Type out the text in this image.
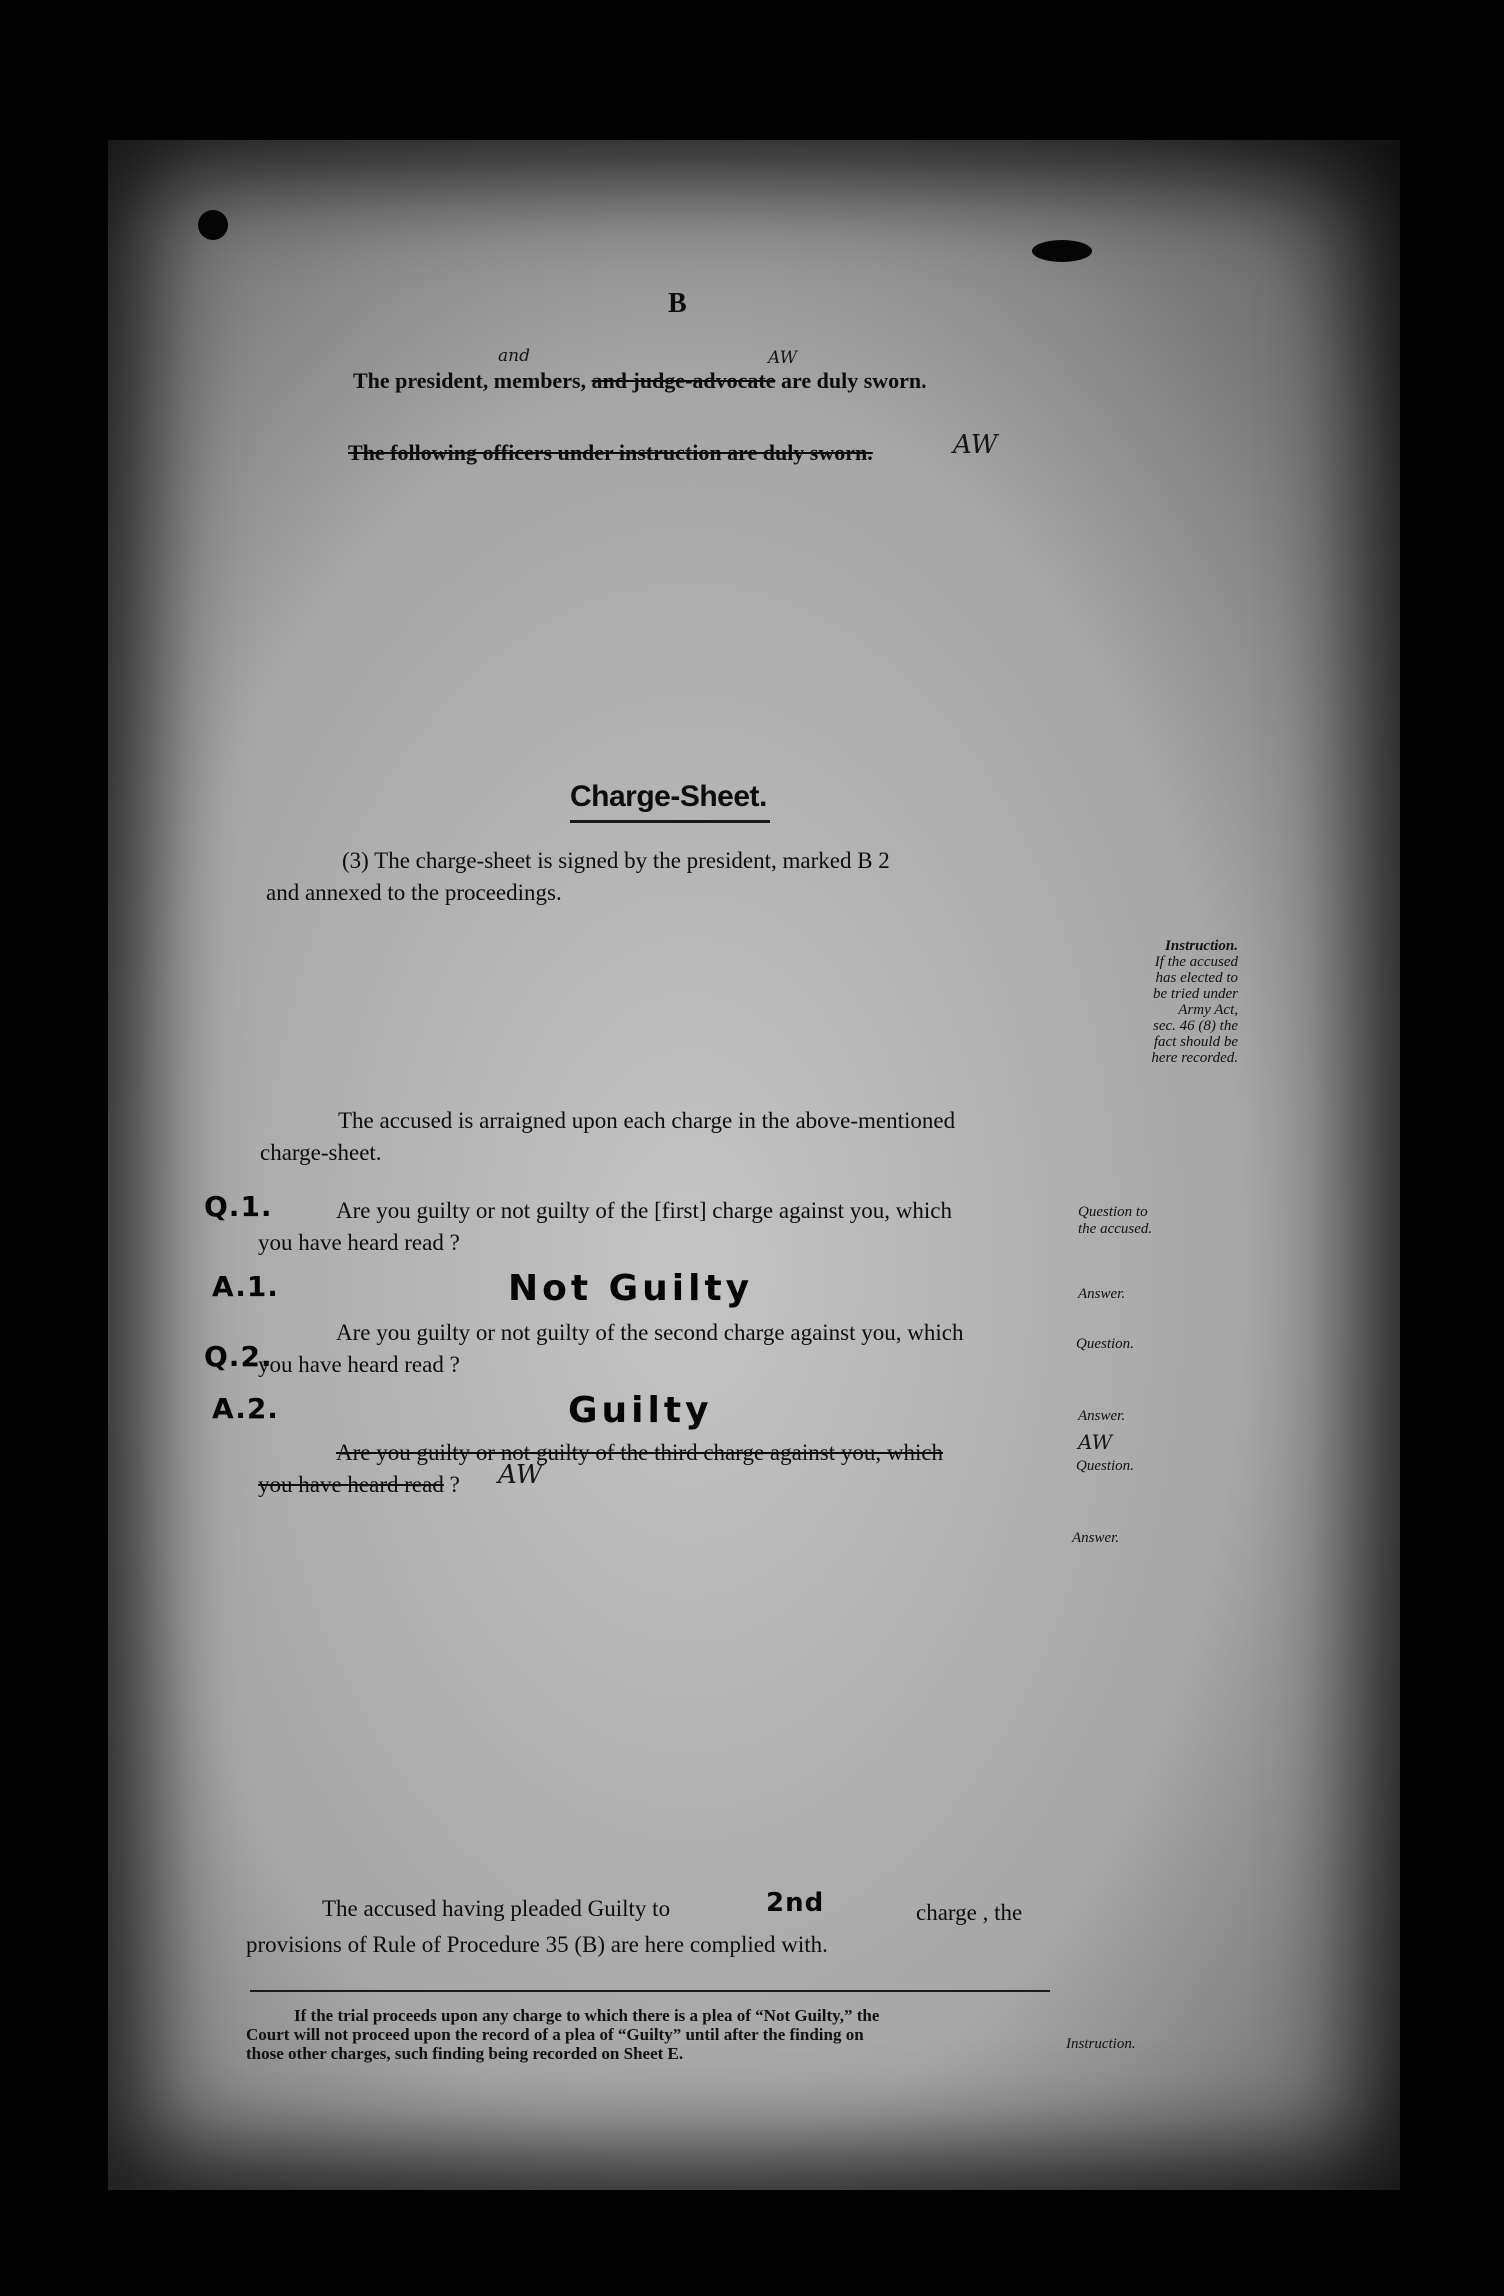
B
and	AW
The president, members, and judge-advocate are duly sworn.
The following officers under instruction are duly sworn.	AW
Charge-Sheet.
(3) The charge-sheet is signed by the president, marked B 2
and annexed to the proceedings.
Instruction.
If the accused
has elected to
be tried under
Army Act,
sec. 46 (8) the
fact should be
here recorded.
The accused is arraigned upon each charge in the above-mentioned
charge-sheet.
Q.1.	Are you guilty or not guilty of the [first] charge against you, which
you have heard read ?
Question to
the accused.
A.1.	Not Guilty	Answer.
Are you guilty or not guilty of the second charge against you, which
Q.2.
you have heard read ?
Question.
A.2.	Guilty	Answer.
Are you guilty or not guilty of the third charge against you, which
you have heard read ? AW
AW
Question.
Answer.
The accused having pleaded Guilty to	2nd	charge , the
provisions of Rule of Procedure 35 (B) are here complied with.
If the trial proceeds upon any charge to which there is a plea of “Not Guilty,” the
Court will not proceed upon the record of a plea of “Guilty” until after the finding on
those other charges, such finding being recorded on Sheet E.	Instruction.
